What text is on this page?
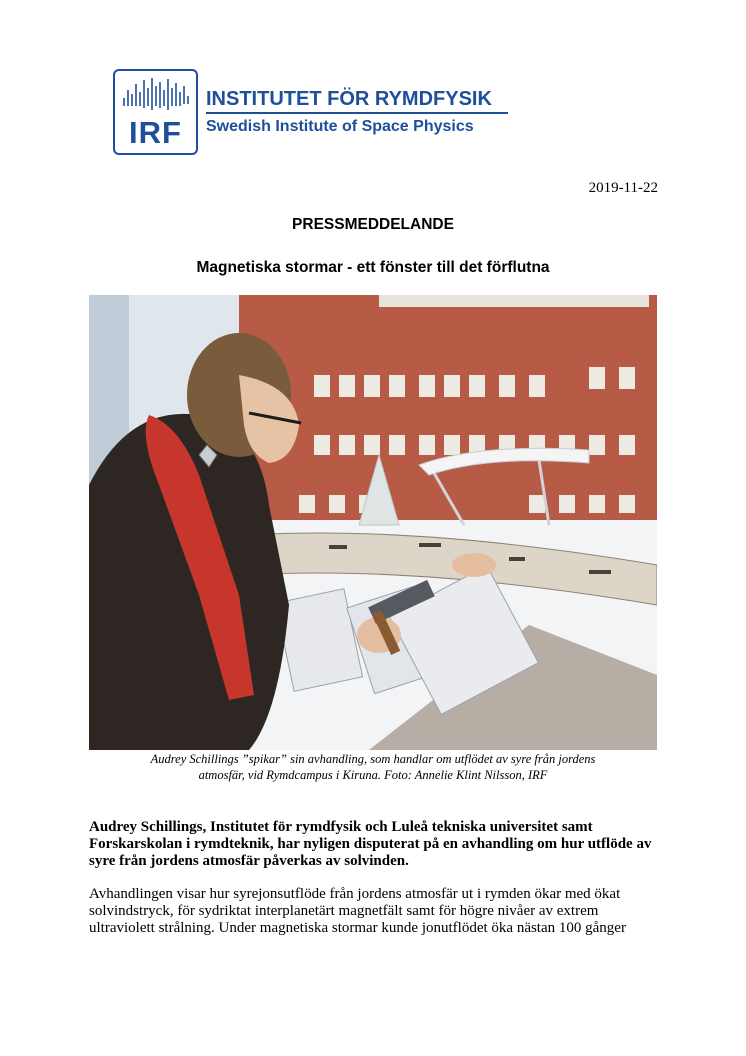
IRF
INSTITUTET FÖR RYMDFYSIK
Swedish Institute of Space Physics
2019-11-22
PRESSMEDDELANDE
Magnetiska stormar - ett fönster till det förflutna
Audrey Schillings ”spikar” sin avhandling, som handlar om utflödet av syre från jordens
atmosfär, vid Rymdcampus i Kiruna. Foto: Annelie Klint Nilsson, IRF
Audrey Schillings, Institutet för rymdfysik och Luleå tekniska universitet samt
Forskarskolan i rymdteknik, har nyligen disputerat på en avhandling om hur utflöde av
syre från jordens atmosfär påverkas av solvinden.
Avhandlingen visar hur syrejonsutflöde från jordens atmosfär ut i rymden ökar med ökat
solvindstryck, för sydriktat interplanetärt magnetfält samt för högre nivåer av extrem
ultraviolett strålning. Under magnetiska stormar kunde jonutflödet öka nästan 100 gånger
